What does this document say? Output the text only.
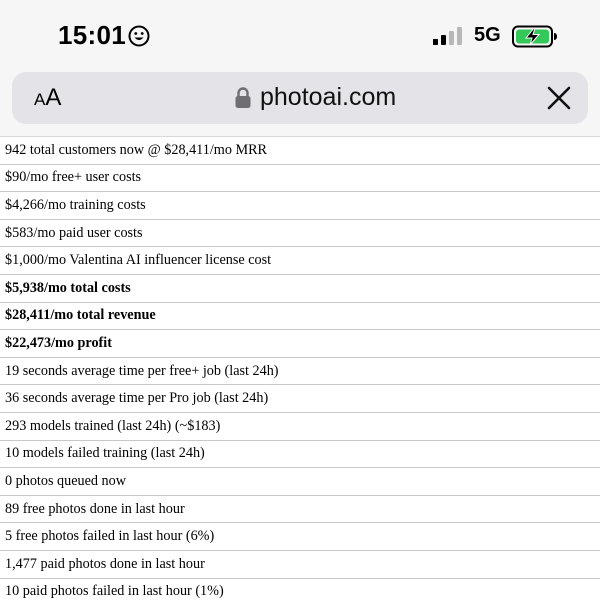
15:01	5G
AA	photoai.com
942 total customers now @ $28,411/mo MRR
$90/mo free+ user costs
$4,266/mo training costs
$583/mo paid user costs
$1,000/mo Valentina AI influencer license cost
$5,938/mo total costs
$28,411/mo total revenue
$22,473/mo profit
19 seconds average time per free+ job (last 24h)
36 seconds average time per Pro job (last 24h)
293 models trained (last 24h) (~$183)
10 models failed training (last 24h)
0 photos queued now
89 free photos done in last hour
5 free photos failed in last hour (6%)
1,477 paid photos done in last hour
10 paid photos failed in last hour (1%)
